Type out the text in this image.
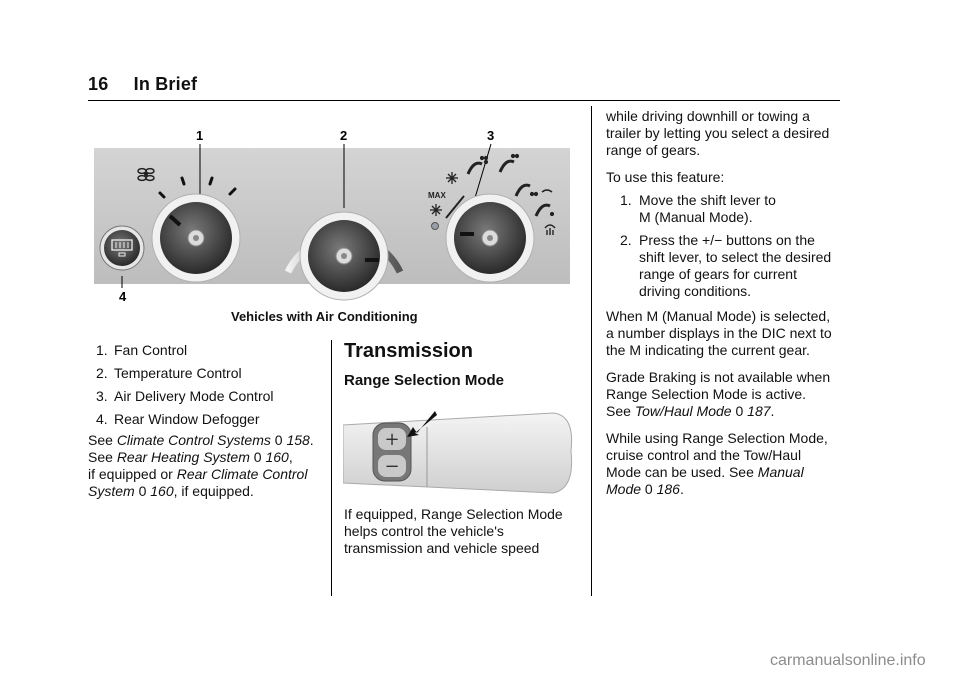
16 In Brief
1	2	3
MAX
4
Vehicles with Air Conditioning
1. Fan Control
2. Temperature Control
3. Air Delivery Mode Control
4. Rear Window Defogger
See Climate Control Systems 0 158.
See Rear Heating System 0 160,
if equipped or Rear Climate Control
System 0 160, if equipped.
Transmission
Range Selection Mode
+
−
If equipped, Range Selection Mode
helps control the vehicle's
transmission and vehicle speed

while driving downhill or towing a
trailer by letting you select a desired
range of gears.

To use this feature:

1. Move the shift lever to
M (Manual Mode).
2. Press the +/− buttons on the
shift lever, to select the desired
range of gears for current
driving conditions.

When M (Manual Mode) is selected,
a number displays in the DIC next to
the M indicating the current gear.

Grade Braking is not available when
Range Selection Mode is active.
See Tow/Haul Mode 0 187.

While using Range Selection Mode,
cruise control and the Tow/Haul
Mode can be used. See Manual
Mode 0 186.

carmanualsonline.info
